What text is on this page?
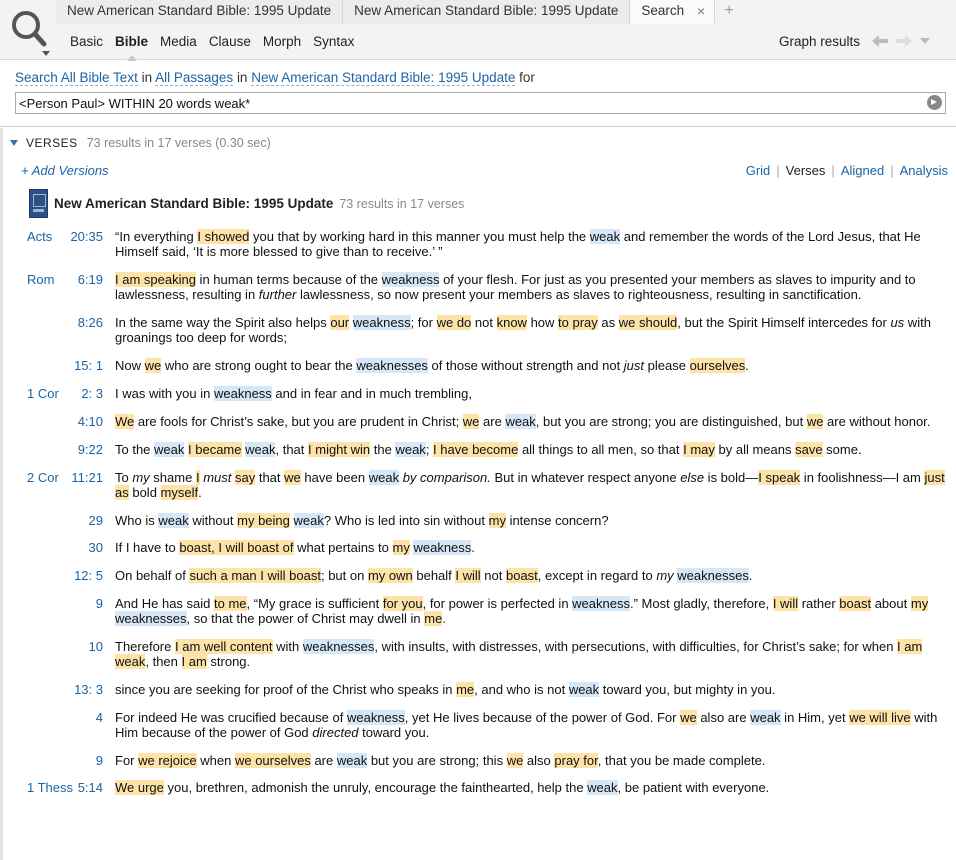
New American Standard Bible: 1995 Update	New American Standard Bible: 1995 Update	Search ×	+
Basic Bible Media Clause Morph Syntax	Graph results
Search All Bible Text in All Passages in New American Standard Bible: 1995 Update for
<Person Paul> WITHIN 20 words weak*
VERSES 73 results in 17 verses (0.30 sec)
+ Add Versions	Grid | Verses | Aligned | Analysis
New American Standard Bible: 1995 Update 73 results in 17 verses
Acts	20:35 “In everything I showed you that by working hard in this manner you must help the weak and remember the words of the Lord Jesus, that He Himself said, ‘It is more blessed to give than to receive.’ ”
Rom	6:19 I am speaking in human terms because of the weakness of your flesh. For just as you presented your members as slaves to impurity and to lawlessness, resulting in further lawlessness, so now present your members as slaves to righteousness, resulting in sanctification.
8:26 In the same way the Spirit also helps our weakness; for we do not know how to pray as we should, but the Spirit Himself intercedes for us with groanings too deep for words;
15: 1 Now we who are strong ought to bear the weaknesses of those without strength and not just please ourselves.
1 Cor	2: 3 I was with you in weakness and in fear and in much trembling,
4:10 We are fools for Christ’s sake, but you are prudent in Christ; we are weak, but you are strong; you are distinguished, but we are without honor.
9:22 To the weak I became weak, that I might win the weak; I have become all things to all men, so that I may by all means save some.
2 Cor 11:21 To my shame I must say that we have been weak by comparison. But in whatever respect anyone else is bold—I speak in foolishness—I am just as bold myself.
29 Who is weak without my being weak? Who is led into sin without my intense concern?
30 If I have to boast, I will boast of what pertains to my weakness.
12: 5 On behalf of such a man I will boast; but on my own behalf I will not boast, except in regard to my weaknesses.
9 And He has said to me, “My grace is sufficient for you, for power is perfected in weakness.” Most gladly, therefore, I will rather boast about my weaknesses, so that the power of Christ may dwell in me.
10 Therefore I am well content with weaknesses, with insults, with distresses, with persecutions, with difficulties, for Christ’s sake; for when I am weak, then I am strong.
13: 3 since you are seeking for proof of the Christ who speaks in me, and who is not weak toward you, but mighty in you.
4 For indeed He was crucified because of weakness, yet He lives because of the power of God. For we also are weak in Him, yet we will live with Him because of the power of God directed toward you.
9 For we rejoice when we ourselves are weak but you are strong; this we also pray for, that you be made complete.
1 Thess 5:14 We urge you, brethren, admonish the unruly, encourage the fainthearted, help the weak, be patient with everyone.
